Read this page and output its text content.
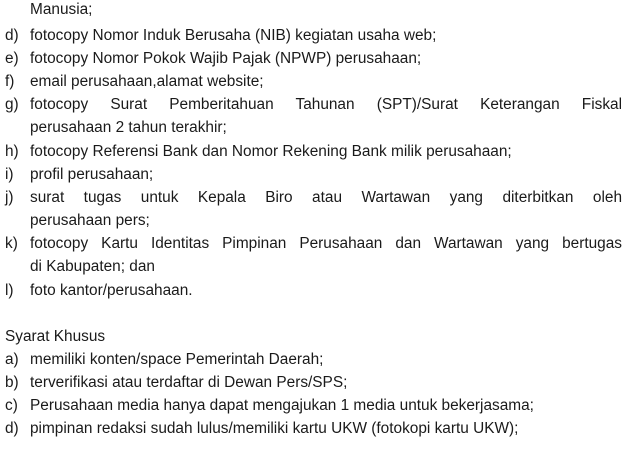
Manusia;
d) fotocopy Nomor Induk Berusaha (NIB) kegiatan usaha web;
e) fotocopy Nomor Pokok Wajib Pajak (NPWP) perusahaan;
f) email perusahaan,alamat website;
g) fotocopy Surat Pemberitahuan Tahunan (SPT)/Surat Keterangan Fiskal
perusahaan 2 tahun terakhir;
h) fotocopy Referensi Bank dan Nomor Rekening Bank milik perusahaan;
i) profil perusahaan;
j) surat tugas untuk Kepala Biro atau Wartawan yang diterbitkan oleh
perusahaan pers;
k) fotocopy Kartu Identitas Pimpinan Perusahaan dan Wartawan yang bertugas
di Kabupaten; dan
l) foto kantor/perusahaan.
Syarat Khusus
a) memiliki konten/space Pemerintah Daerah;
b) terverifikasi atau terdaftar di Dewan Pers/SPS;
c) Perusahaan media hanya dapat mengajukan 1 media untuk bekerjasama;
d) pimpinan redaksi sudah lulus/memiliki kartu UKW (fotokopi kartu UKW);
